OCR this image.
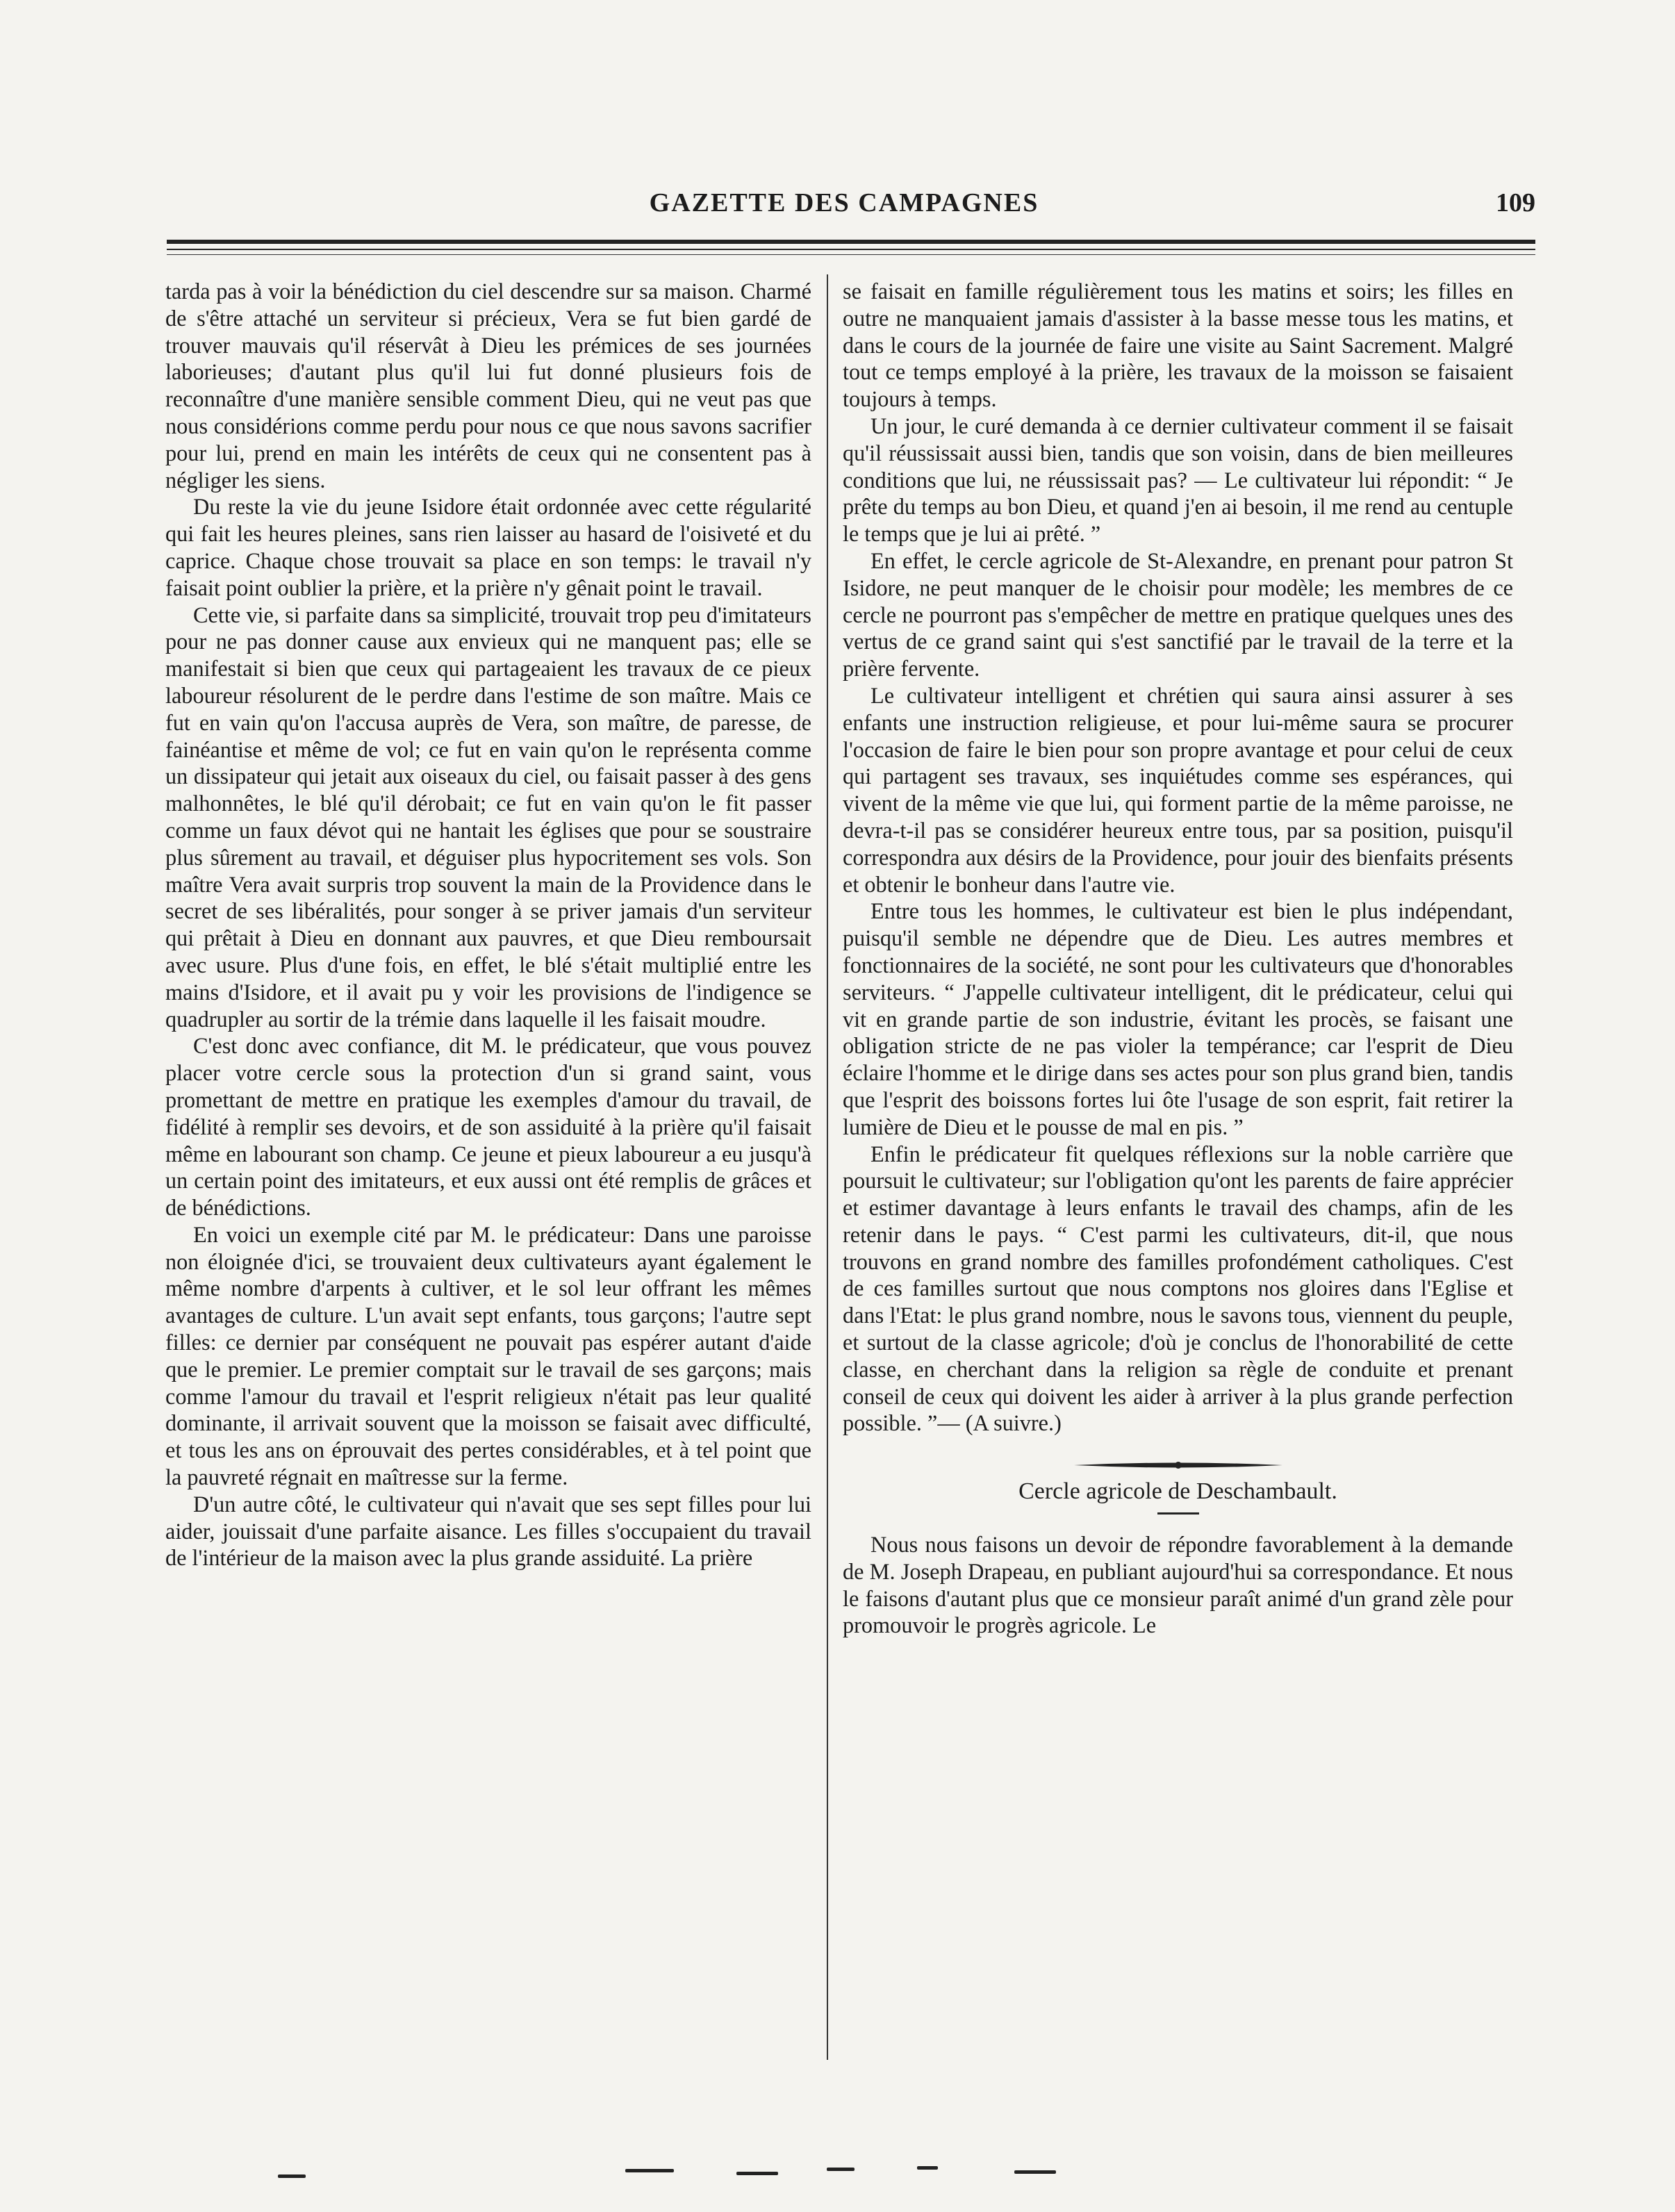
GAZETTE DES CAMPAGNES	109

tarda pas à voir la bénédiction du ciel descendre sur sa maison. Charmé de s'être attaché un serviteur si précieux, Vera se fut bien gardé de trouver mauvais qu'il réservât à Dieu les prémices de ses journées laborieuses; d'autant plus qu'il lui fut donné plusieurs fois de reconnaître d'une manière sensible comment Dieu, qui ne veut pas que nous considérions comme perdu pour nous ce que nous savons sacrifier pour lui, prend en main les intérêts de ceux qui ne consentent pas à négliger les siens.

Du reste la vie du jeune Isidore était ordonnée avec cette régularité qui fait les heures pleines, sans rien laisser au hasard de l'oisiveté et du caprice. Chaque chose trouvait sa place en son temps: le travail n'y faisait point oublier la prière, et la prière n'y gênait point le travail.

Cette vie, si parfaite dans sa simplicité, trouvait trop peu d'imitateurs pour ne pas donner cause aux envieux qui ne manquent pas; elle se manifestait si bien que ceux qui partageaient les travaux de ce pieux laboureur résolurent de le perdre dans l'estime de son maître. Mais ce fut en vain qu'on l'accusa auprès de Vera, son maître, de paresse, de fainéantise et même de vol; ce fut en vain qu'on le représenta comme un dissipateur qui jetait aux oiseaux du ciel, ou faisait passer à des gens malhonnêtes, le blé qu'il dérobait; ce fut en vain qu'on le fit passer comme un faux dévot qui ne hantait les églises que pour se soustraire plus sûrement au travail, et déguiser plus hypocritement ses vols. Son maître Vera avait surpris trop souvent la main de la Providence dans le secret de ses libéralités, pour songer à se priver jamais d'un serviteur qui prêtait à Dieu en donnant aux pauvres, et que Dieu remboursait avec usure. Plus d'une fois, en effet, le blé s'était multiplié entre les mains d'Isidore, et il avait pu y voir les provisions de l'indigence se quadrupler au sortir de la trémie dans laquelle il les faisait moudre.

C'est donc avec confiance, dit M. le prédicateur, que vous pouvez placer votre cercle sous la protection d'un si grand saint, vous promettant de mettre en pratique les exemples d'amour du travail, de fidélité à remplir ses devoirs, et de son assiduité à la prière qu'il faisait même en labourant son champ. Ce jeune et pieux laboureur a eu jusqu'à un certain point des imitateurs, et eux aussi ont été remplis de grâces et de bénédictions.

En voici un exemple cité par M. le prédicateur: Dans une paroisse non éloignée d'ici, se trouvaient deux cultivateurs ayant également le même nombre d'arpents à cultiver, et le sol leur offrant les mêmes avantages de culture. L'un avait sept enfants, tous garçons; l'autre sept filles: ce dernier par conséquent ne pouvait pas espérer autant d'aide que le premier. Le premier comptait sur le travail de ses garçons; mais comme l'amour du travail et l'esprit religieux n'était pas leur qualité dominante, il arrivait souvent que la moisson se faisait avec difficulté, et tous les ans on éprouvait des pertes considérables, et à tel point que la pauvreté régnait en maîtresse sur la ferme.

D'un autre côté, le cultivateur qui n'avait que ses sept filles pour lui aider, jouissait d'une parfaite aisance. Les filles s'occupaient du travail de l'intérieur de la maison avec la plus grande assiduité. La prière

se faisait en famille régulièrement tous les matins et soirs; les filles en outre ne manquaient jamais d'assister à la basse messe tous les matins, et dans le cours de la journée de faire une visite au Saint Sacrement. Malgré tout ce temps employé à la prière, les travaux de la moisson se faisaient toujours à temps.

Un jour, le curé demanda à ce dernier cultivateur comment il se faisait qu'il réussissait aussi bien, tandis que son voisin, dans de bien meilleures conditions que lui, ne réussissait pas? — Le cultivateur lui répondit: “ Je prête du temps au bon Dieu, et quand j'en ai besoin, il me rend au centuple le temps que je lui ai prêté. ”

En effet, le cercle agricole de St-Alexandre, en prenant pour patron St Isidore, ne peut manquer de le choisir pour modèle; les membres de ce cercle ne pourront pas s'empêcher de mettre en pratique quelques unes des vertus de ce grand saint qui s'est sanctifié par le travail de la terre et la prière fervente.

Le cultivateur intelligent et chrétien qui saura ainsi assurer à ses enfants une instruction religieuse, et pour lui-même saura se procurer l'occasion de faire le bien pour son propre avantage et pour celui de ceux qui partagent ses travaux, ses inquiétudes comme ses espérances, qui vivent de la même vie que lui, qui forment partie de la même paroisse, ne devra-t-il pas se considérer heureux entre tous, par sa position, puisqu'il correspondra aux désirs de la Providence, pour jouir des bienfaits présents et obtenir le bonheur dans l'autre vie.

Entre tous les hommes, le cultivateur est bien le plus indépendant, puisqu'il semble ne dépendre que de Dieu. Les autres membres et fonctionnaires de la société, ne sont pour les cultivateurs que d'honorables serviteurs. “ J'appelle cultivateur intelligent, dit le prédicateur, celui qui vit en grande partie de son industrie, évitant les procès, se faisant une obligation stricte de ne pas violer la tempérance; car l'esprit de Dieu éclaire l'homme et le dirige dans ses actes pour son plus grand bien, tandis que l'esprit des boissons fortes lui ôte l'usage de son esprit, fait retirer la lumière de Dieu et le pousse de mal en pis. ”

Enfin le prédicateur fit quelques réflexions sur la noble carrière que poursuit le cultivateur; sur l'obligation qu'ont les parents de faire apprécier et estimer davantage à leurs enfants le travail des champs, afin de les retenir dans le pays. “ C'est parmi les cultivateurs, dit-il, que nous trouvons en grand nombre des familles profondément catholiques. C'est de ces familles surtout que nous comptons nos gloires dans l'Eglise et dans l'Etat: le plus grand nombre, nous le savons tous, viennent du peuple, et surtout de la classe agricole; d'où je conclus de l'honorabilité de cette classe, en cherchant dans la religion sa règle de conduite et prenant conseil de ceux qui doivent les aider à arriver à la plus grande perfection possible. ”— (A suivre.)

Cercle agricole de Deschambault.

Nous nous faisons un devoir de répondre favorablement à la demande de M. Joseph Drapeau, en publiant aujourd'hui sa correspondance. Et nous le faisons d'autant plus que ce monsieur paraît animé d'un grand zèle pour promouvoir le progrès agricole. Le
